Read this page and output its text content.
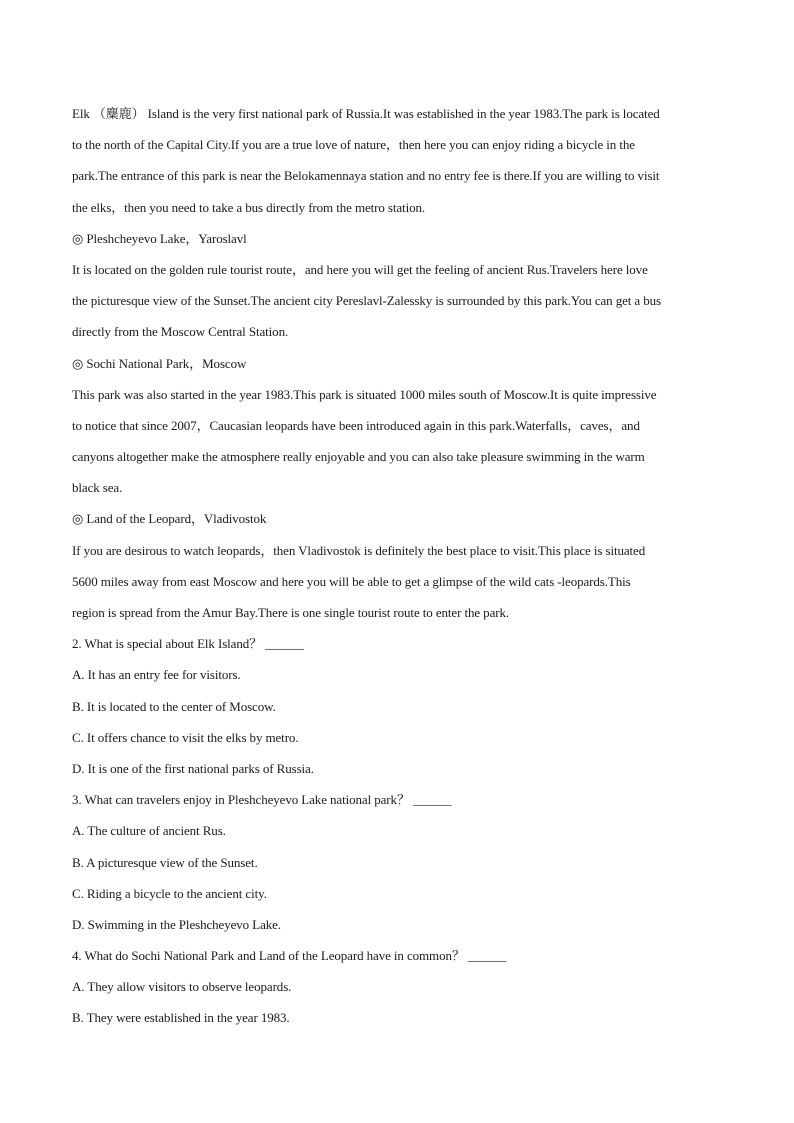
Elk （麋鹿） Island is the very first national park of Russia.It was established in the year 1983.The park is located
to the north of the Capital City.If you are a true love of nature，then here you can enjoy riding a bicycle in the
park.The entrance of this park is near the Belokamennaya station and no entry fee is there.If you are willing to visit
the elks，then you need to take a bus directly from the metro station.
◎ Pleshcheyevo Lake，Yaroslavl
It is located on the golden rule tourist route，and here you will get the feeling of ancient Rus.Travelers here love
the picturesque view of the Sunset.The ancient city Pereslavl-Zalessky is surrounded by this park.You can get a bus
directly from the Moscow Central Station.
◎ Sochi National Park，Moscow
This park was also started in the year 1983.This park is situated 1000 miles south of Moscow.It is quite impressive
to notice that since 2007，Caucasian leopards have been introduced again in this park.Waterfalls，caves，and
canyons altogether make the atmosphere really enjoyable and you can also take pleasure swimming in the warm
black sea.
◎ Land of the Leopard，Vladivostok
If you are desirous to watch leopards，then Vladivostok is definitely the best place to visit.This place is situated
5600 miles away from east Moscow and here you will be able to get a glimpse of the wild cats -leopards.This
region is spread from the Amur Bay.There is one single tourist route to enter the park.
2. What is special about Elk Island？ ______
A. It has an entry fee for visitors.
B. It is located to the center of Moscow.
C. It offers chance to visit the elks by metro.
D. It is one of the first national parks of Russia.
3. What can travelers enjoy in Pleshcheyevo Lake national park？ ______
A. The culture of ancient Rus.
B. A picturesque view of the Sunset.
C. Riding a bicycle to the ancient city.
D. Swimming in the Pleshcheyevo Lake.
4. What do Sochi National Park and Land of the Leopard have in common？ ______
A. They allow visitors to observe leopards.
B. They were established in the year 1983.
